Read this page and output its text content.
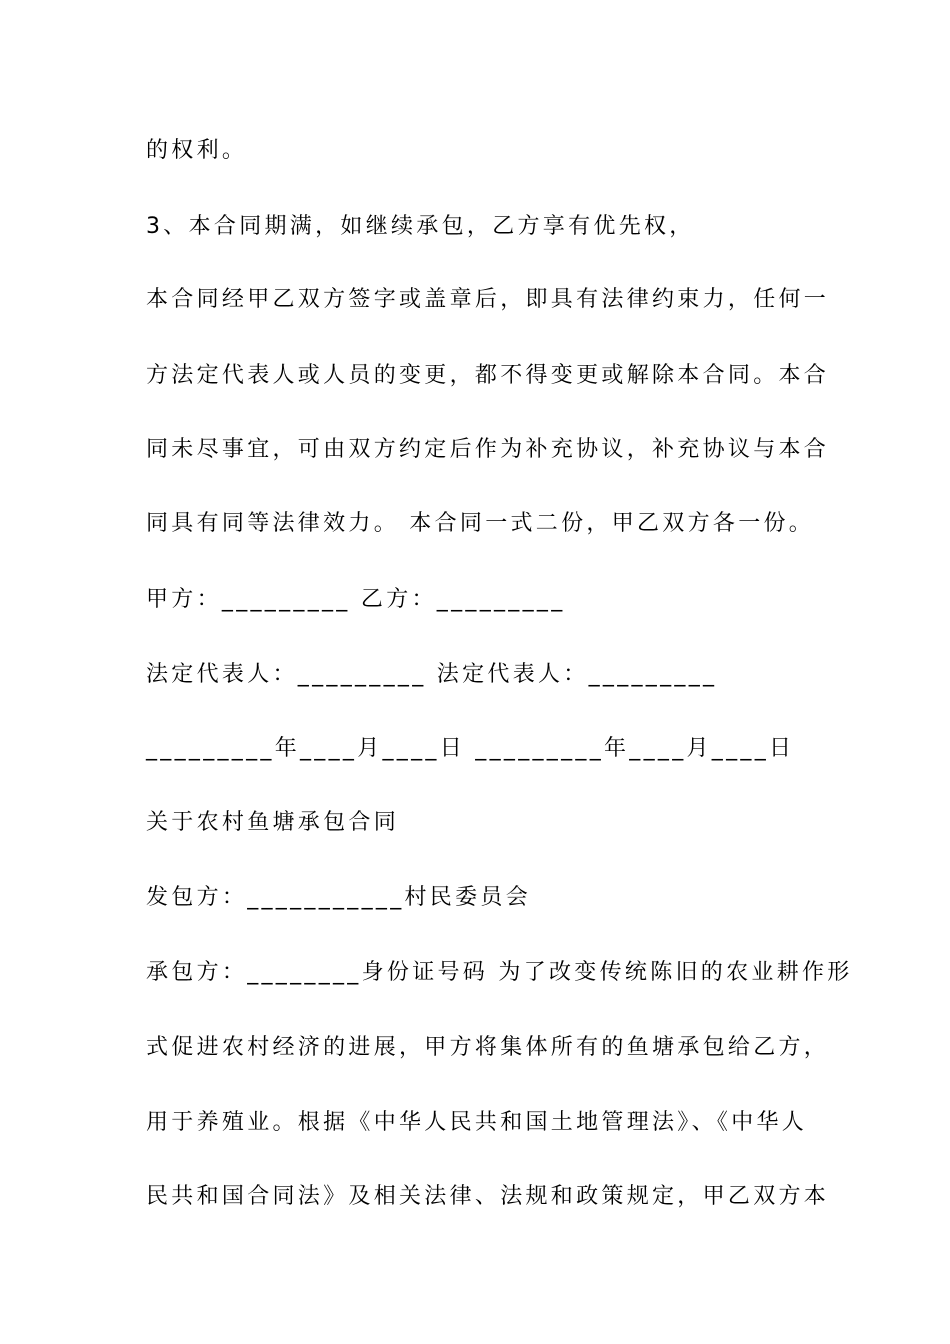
的权利。
3、本合同期满，如继续承包，乙方享有优先权，
本合同经甲乙双方签字或盖章后，即具有法律约束力，任何一
方法定代表人或人员的变更，都不得变更或解除本合同。本合
同未尽事宜，可由双方约定后作为补充协议，补充协议与本合
同具有同等法律效力。 本合同一式二份，甲乙双方各一份。
甲方：_________ 乙方：_________
法定代表人：_________ 法定代表人：_________
_________年____月____日 _________年____月____日
关于农村鱼塘承包合同
发包方：___________村民委员会
承包方：________身份证号码 为了改变传统陈旧的农业耕作形
式促进农村经济的进展，甲方将集体所有的鱼塘承包给乙方，
用于养殖业。根据《中华人民共和国土地管理法》、《中华人
民共和国合同法》及相关法律、法规和政策规定，甲乙双方本
